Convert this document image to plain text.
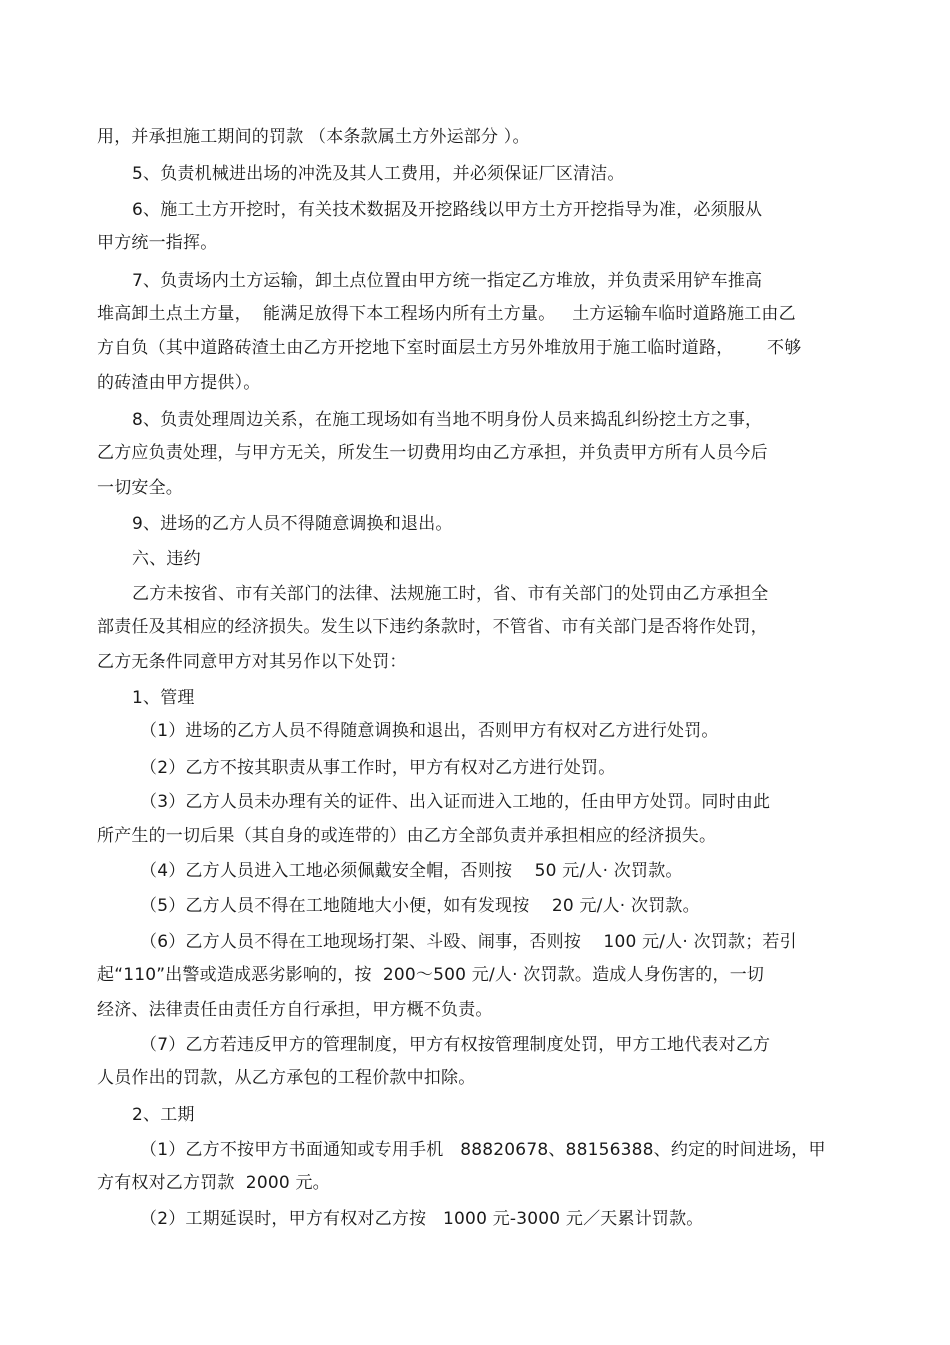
用，并承担施工期间的罚款 （本条款属土方外运部分 ）。
5、负责机械进出场的冲洗及其人工费用，并必须保证厂区清洁。
6、施工土方开挖时，有关技术数据及开挖路线以甲方土方开挖指导为准，必须服从
甲方统一指挥。
7、负责场内土方运输，卸土点位置由甲方统一指定乙方堆放，并负责采用铲车推高
堆高卸土点土方量，  能满足放得下本工程场内所有土方量。   土方运输车临时道路施工由乙
方自负（其中道路砖渣土由乙方开挖地下室时面层土方另外堆放用于施工临时道路，      不够
的砖渣由甲方提供）。
8、负责处理周边关系，在施工现场如有当地不明身份人员来捣乱纠纷挖土方之事，
乙方应负责处理，与甲方无关，所发生一切费用均由乙方承担，并负责甲方所有人员今后
一切安全。
9、进场的乙方人员不得随意调换和退出。
六、违约
乙方未按省、市有关部门的法律、法规施工时，省、市有关部门的处罚由乙方承担全
部责任及其相应的经济损失。发生以下违约条款时，不管省、市有关部门是否将作处罚，
乙方无条件同意甲方对其另作以下处罚：
1、管理
（1）进场的乙方人员不得随意调换和退出，否则甲方有权对乙方进行处罚。
（2）乙方不按其职责从事工作时，甲方有权对乙方进行处罚。
（3）乙方人员未办理有关的证件、出入证而进入工地的，任由甲方处罚。同时由此
所产生的一切后果（其自身的或连带的）由乙方全部负责并承担相应的经济损失。
（4）乙方人员进入工地必须佩戴安全帽，否则按    50 元/人· 次罚款。
（5）乙方人员不得在工地随地大小便，如有发现按    20 元/人· 次罚款。
（6）乙方人员不得在工地现场打架、斗殴、闹事，否则按    100 元/人· 次罚款；若引
起“110”出警或造成恶劣影响的，按  200～500 元/人· 次罚款。造成人身伤害的，一切
经济、法律责任由责任方自行承担，甲方概不负责。
（7）乙方若违反甲方的管理制度，甲方有权按管理制度处罚，甲方工地代表对乙方
人员作出的罚款，从乙方承包的工程价款中扣除。
2、工期
（1）乙方不按甲方书面通知或专用手机   88820678、88156388、约定的时间进场，甲
方有权对乙方罚款  2000 元。
（2）工期延误时，甲方有权对乙方按   1000 元-3000 元／天累计罚款。
